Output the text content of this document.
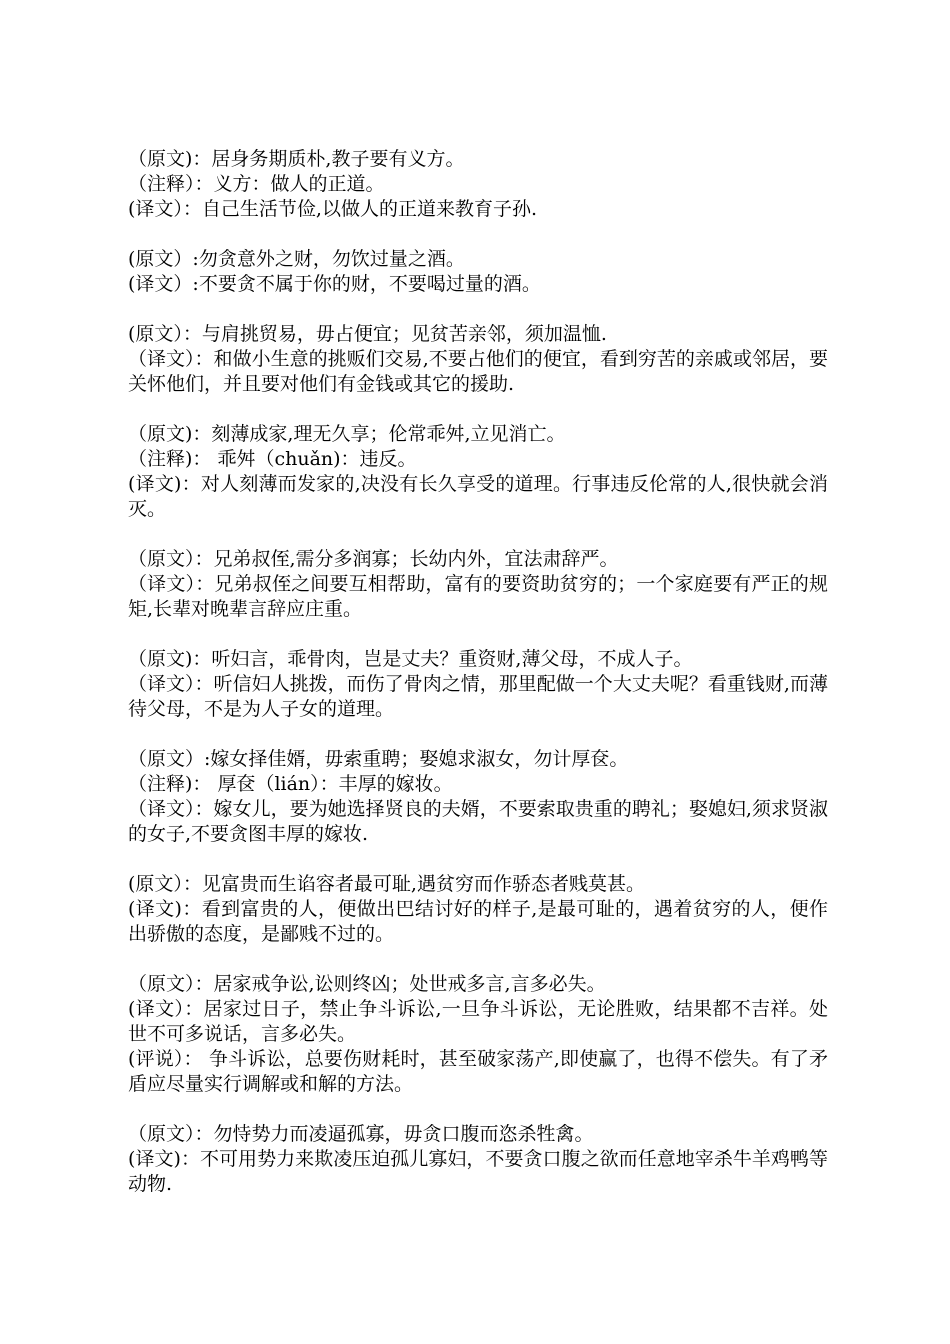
（原文)：居身务期质朴,教子要有义方。
（注释）：义方：做人的正道。
(译文）：自己生活节俭,以做人的正道来教育子孙.
(原文）:勿贪意外之财，勿饮过量之酒。
(译文）:不要贪不属于你的财，不要喝过量的酒。
(原文）：与肩挑贸易，毋占便宜；见贫苦亲邻，须加温恤.
（译文）：和做小生意的挑贩们交易,不要占他们的便宜，看到穷苦的亲戚或邻居，要关怀他们，并且要对他们有金钱或其它的援助.
（原文)：刻薄成家,理无久享；伦常乖舛,立见消亡。
（注释)： 乖舛（chuǎn)：违反。
(译文)：对人刻薄而发家的,决没有长久享受的道理。行事违反伦常的人,很快就会消灭。
（原文）：兄弟叔侄,需分多润寡；长幼内外，宜法肃辞严。
（译文）：兄弟叔侄之间要互相帮助，富有的要资助贫穷的；一个家庭要有严正的规矩,长辈对晚辈言辞应庄重。
（原文)：听妇言，乖骨肉，岂是丈夫？重资财,薄父母，不成人子。
（译文）：听信妇人挑拨，而伤了骨肉之情，那里配做一个大丈夫呢？看重钱财,而薄待父母，不是为人子女的道理。
（原文）:嫁女择佳婿，毋索重聘；娶媳求淑女，勿计厚奁。
（注释)： 厚奁（lián）：丰厚的嫁妆。
（译文）：嫁女儿，要为她选择贤良的夫婿，不要索取贵重的聘礼；娶媳妇,须求贤淑的女子,不要贪图丰厚的嫁妆.
(原文）：见富贵而生谄容者最可耻,遇贫穷而作骄态者贱莫甚。
(译文)：看到富贵的人，便做出巴结讨好的样子,是最可耻的，遇着贫穷的人，便作出骄傲的态度，是鄙贱不过的。
（原文）：居家戒争讼,讼则终凶；处世戒多言,言多必失。
(译文）：居家过日子，禁止争斗诉讼,一旦争斗诉讼，无论胜败，结果都不吉祥。处世不可多说话，言多必失。
(评说）： 争斗诉讼，总要伤财耗时，甚至破家荡产,即使赢了，也得不偿失。有了矛盾应尽量实行调解或和解的方法。
（原文）：勿恃势力而凌逼孤寡，毋贪口腹而恣杀牲禽。
(译文)：不可用势力来欺凌压迫孤儿寡妇，不要贪口腹之欲而任意地宰杀牛羊鸡鸭等动物.
